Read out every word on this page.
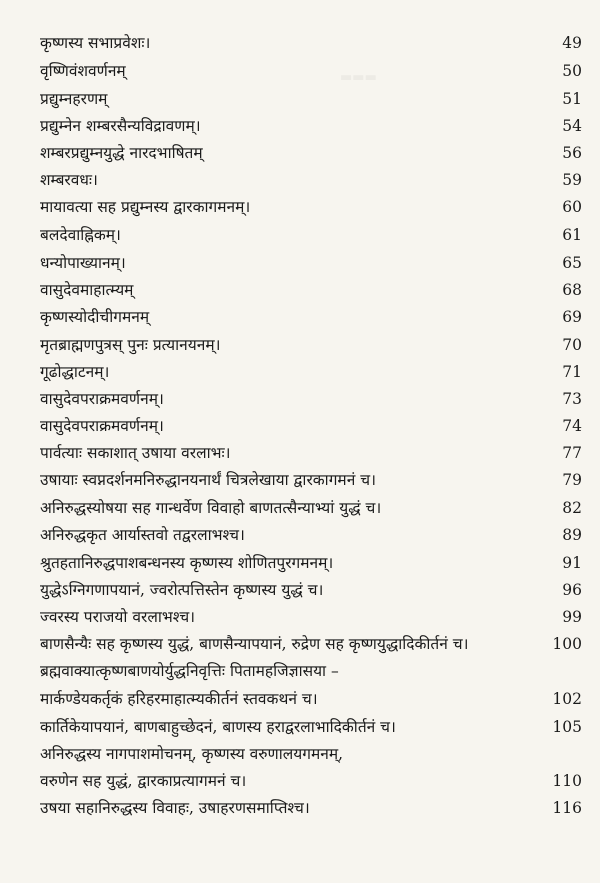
▬▬▬
कृष्णस्य सभाप्रवेशः।	49
वृष्णिवंशवर्णनम्	50
प्रद्युम्नहरणम्	51
प्रद्युम्नेन शम्बरसैन्यविद्रावणम्।	54
शम्बरप्रद्युम्नयुद्धे नारदभाषितम्	56
शम्बरवधः।	59
मायावत्या सह प्रद्युम्नस्य द्वारकागमनम्।	60
बलदेवाह्निकम्।	61
धन्योपाख्यानम्।	65
वासुदेवमाहात्म्यम्	68
कृष्णस्योदीचीगमनम्	69
मृतब्राह्मणपुत्रस् पुनः प्रत्यानयनम्।	70
गूढोद्धाटनम्।	71
वासुदेवपराक्रमवर्णनम्।	73
वासुदेवपराक्रमवर्णनम्।	74
पार्वत्याः सकाशात् उषाया वरलाभः।	77
उषायाः स्वप्नदर्शनमनिरुद्धानयनार्थं चित्रलेखाया द्वारकागमनं च।	79
अनिरुद्धस्योषया सह गान्धर्वेण विवाहो बाणतत्सैन्याभ्यां युद्धं च।	82
अनिरुद्धकृत आर्यास्तवो तद्वरलाभश्च।	89
श्रुतहतानिरुद्धपाशबन्धनस्य कृष्णस्य शोणितपुरगमनम्।	91
युद्धेऽग्निगणापयानं, ज्वरोत्पत्तिस्तेन कृष्णस्य युद्धं च।	96
ज्वरस्य पराजयो वरलाभश्च।	99
बाणसैन्यैः सह कृष्णस्य युद्धं, बाणसैन्यापयानं, रुद्रेण सह कृष्णयुद्धादिकीर्तनं च।	100
ब्रह्मवाक्यात्कृष्णबाणयोर्युद्धनिवृत्तिः पितामहजिज्ञासया –
मार्कण्डेयकर्तृकं हरिहरमाहात्म्यकीर्तनं स्तवकथनं च।	102
कार्तिकेयापयानं, बाणबाहुच्छेदनं, बाणस्य हराद्वरलाभादिकीर्तनं च।	105
अनिरुद्धस्य नागपाशमोचनम्, कृष्णस्य वरुणालयगमनम्,
वरुणेन सह युद्धं, द्वारकाप्रत्यागमनं च।	110
उषया सहानिरुद्धस्य विवाहः, उषाहरणसमाप्तिश्च।	116
